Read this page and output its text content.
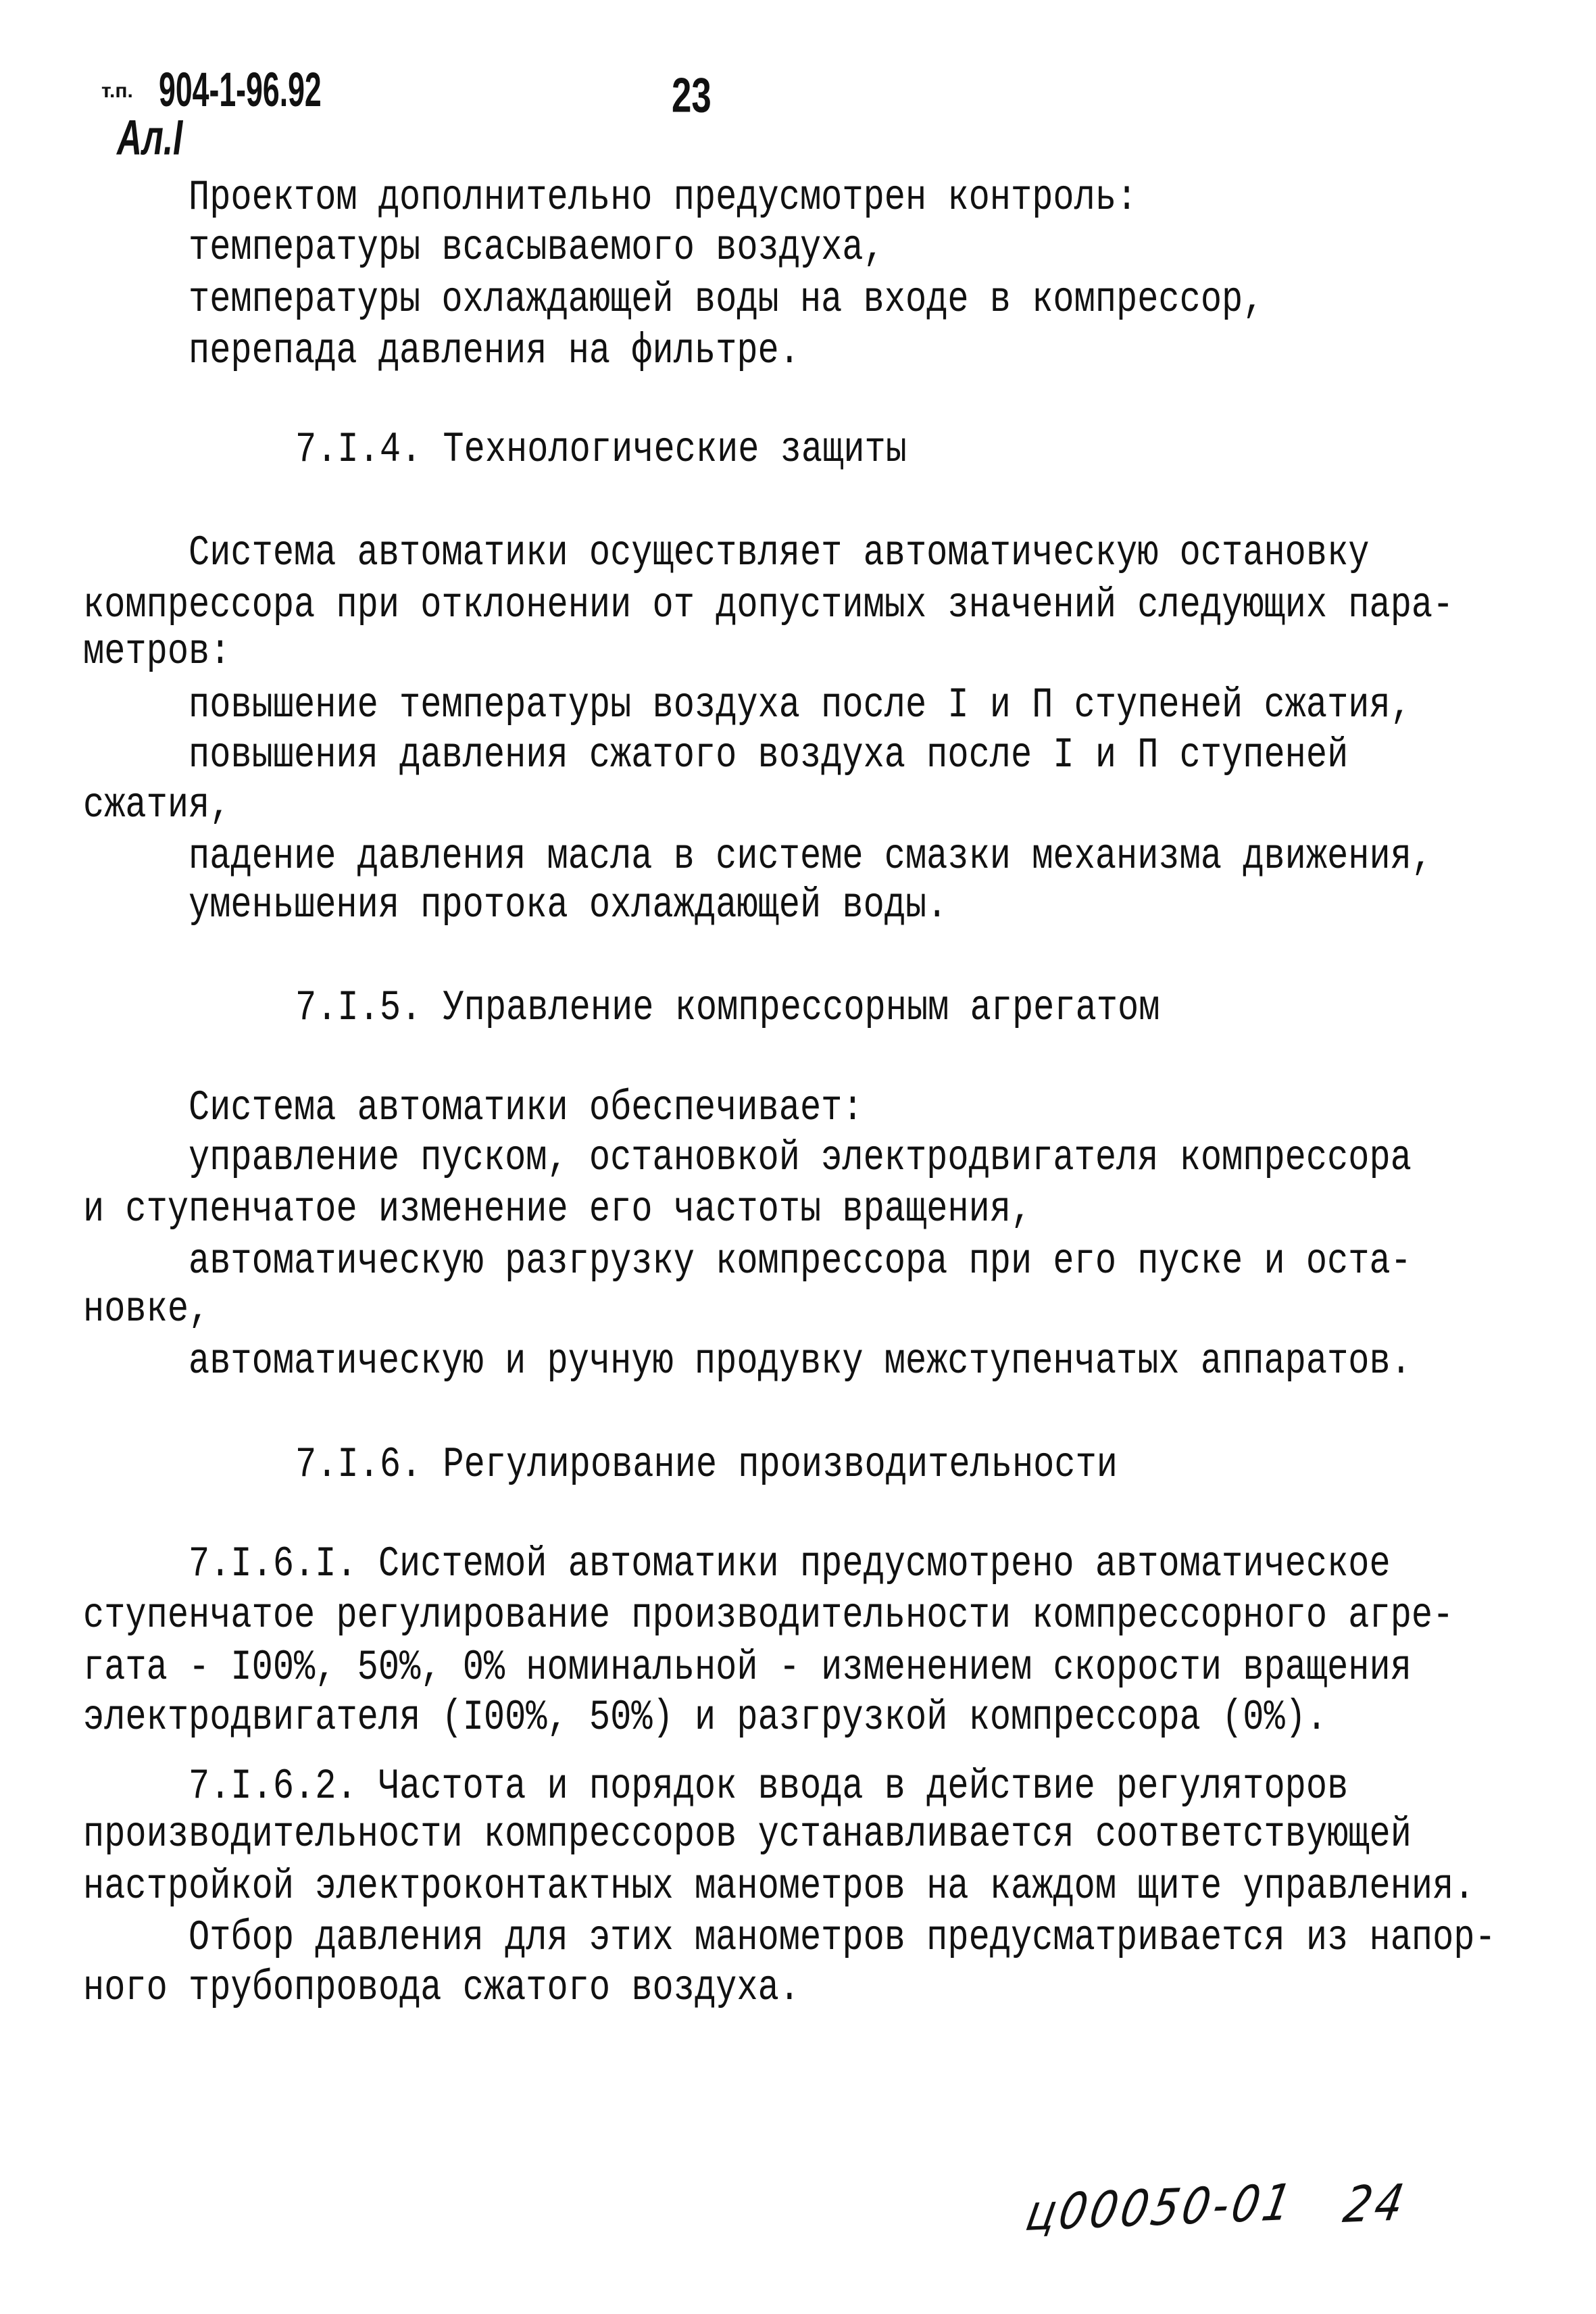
т.п. 904-1-96.92	23
Ал.I
Проектом дополнительно предусмотрен контроль:
температуры всасываемого воздуха,
температуры охлаждающей воды на входе в компрессор,
перепада давления на фильтре.
7.I.4. Технологические защиты
Система автоматики осуществляет автоматическую остановку
компрессора при отклонении от допустимых значений следующих пара-
метров:
повышение температуры воздуха после I и П ступеней сжатия,
повышения давления сжатого воздуха после I и П ступеней
сжатия,
падение давления масла в системе смазки механизма движения,
уменьшения протока охлаждающей воды.
7.I.5. Управление компрессорным агрегатом
Система автоматики обеспечивает:
управление пуском, остановкой электродвигателя компрессора
и ступенчатое изменение его частоты вращения,
автоматическую разгрузку компрессора при его пуске и оста-
новке,
автоматическую и ручную продувку межступенчатых аппаратов.
7.I.6. Регулирование производительности
7.I.6.I. Системой автоматики предусмотрено автоматическое
ступенчатое регулирование производительности компрессорного агре-
гата - I00%, 50%, 0% номинальной - изменением скорости вращения
электродвигателя (I00%, 50%) и разгрузкой компрессора (0%).
7.I.6.2. Частота и порядок ввода в действие регуляторов
производительности компрессоров устанавливается соответствующей
настройкой электроконтактных манометров на каждом щите управления.
Отбор давления для этих манометров предусматривается из напор-
ного трубопровода сжатого воздуха.
ц00050-01 24
